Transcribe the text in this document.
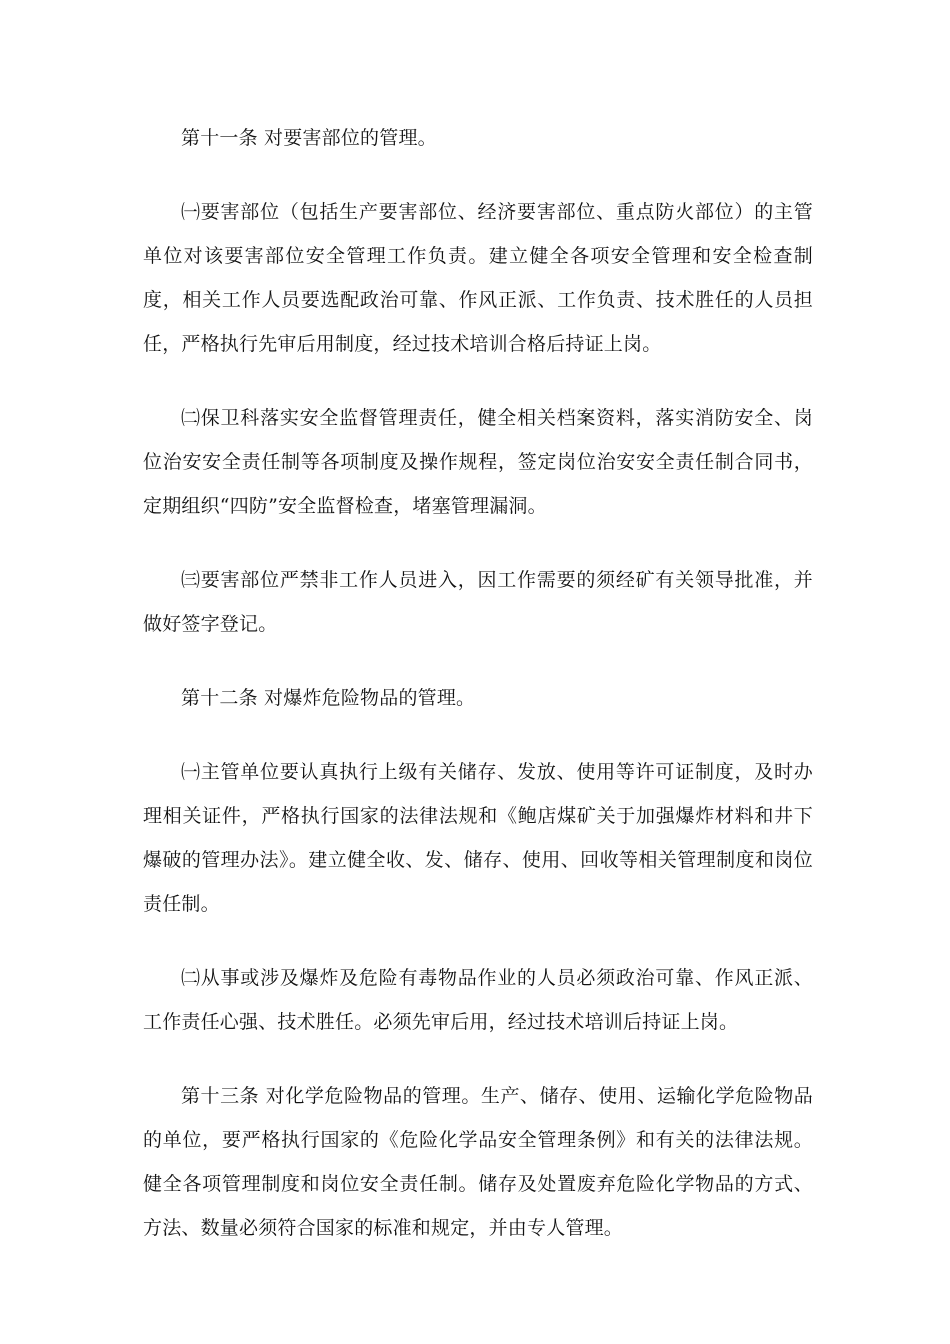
第十一条 对要害部位的管理。

㈠要害部位（包括生产要害部位、经济要害部位、重点防火部位）的主管单位对该要害部位安全管理工作负责。建立健全各项安全管理和安全检查制度，相关工作人员要选配政治可靠、作风正派、工作负责、技术胜任的人员担任，严格执行先审后用制度，经过技术培训合格后持证上岗。

㈡保卫科落实安全监督管理责任，健全相关档案资料，落实消防安全、岗位治安安全责任制等各项制度及操作规程，签定岗位治安安全责任制合同书，定期组织“四防”安全监督检查，堵塞管理漏洞。

㈢要害部位严禁非工作人员进入，因工作需要的须经矿有关领导批准，并做好签字登记。

第十二条 对爆炸危险物品的管理。

㈠主管单位要认真执行上级有关储存、发放、使用等许可证制度，及时办理相关证件，严格执行国家的法律法规和《鲍店煤矿关于加强爆炸材料和井下爆破的管理办法》。建立健全收、发、储存、使用、回收等相关管理制度和岗位责任制。

㈡从事或涉及爆炸及危险有毒物品作业的人员必须政治可靠、作风正派、工作责任心强、技术胜任。必须先审后用，经过技术培训后持证上岗。

第十三条 对化学危险物品的管理。生产、储存、使用、运输化学危险物品的单位，要严格执行国家的《危险化学品安全管理条例》和有关的法律法规。健全各项管理制度和岗位安全责任制。储存及处置废弃危险化学物品的方式、方法、数量必须符合国家的标准和规定，并由专人管理。
